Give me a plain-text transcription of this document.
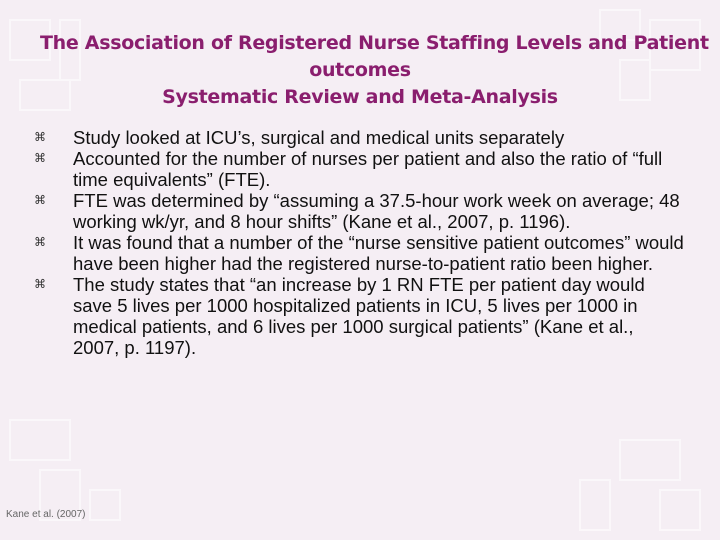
The Association of Registered Nurse Staffing Levels and Patient
outcomes
Systematic Review and Meta-Analysis
⌘ Study looked at ICU’s, surgical and medical units separately
⌘ Accounted for the number of nurses per patient and also the ratio of “full time equivalents” (FTE).
⌘ FTE was determined by “assuming a 37.5-hour work week on average; 48 working wk/yr, and 8 hour shifts” (Kane et al., 2007, p. 1196).
⌘ It was found that a number of the “nurse sensitive patient outcomes” would have been higher had the registered nurse-to-patient ratio been higher.
⌘ The study states that “an increase by 1 RN FTE per patient day would save 5 lives per 1000 hospitalized patients in ICU, 5 lives per 1000 in medical patients, and 6 lives per 1000 surgical patients” (Kane et al., 2007, p. 1197).
Kane et al. (2007)
